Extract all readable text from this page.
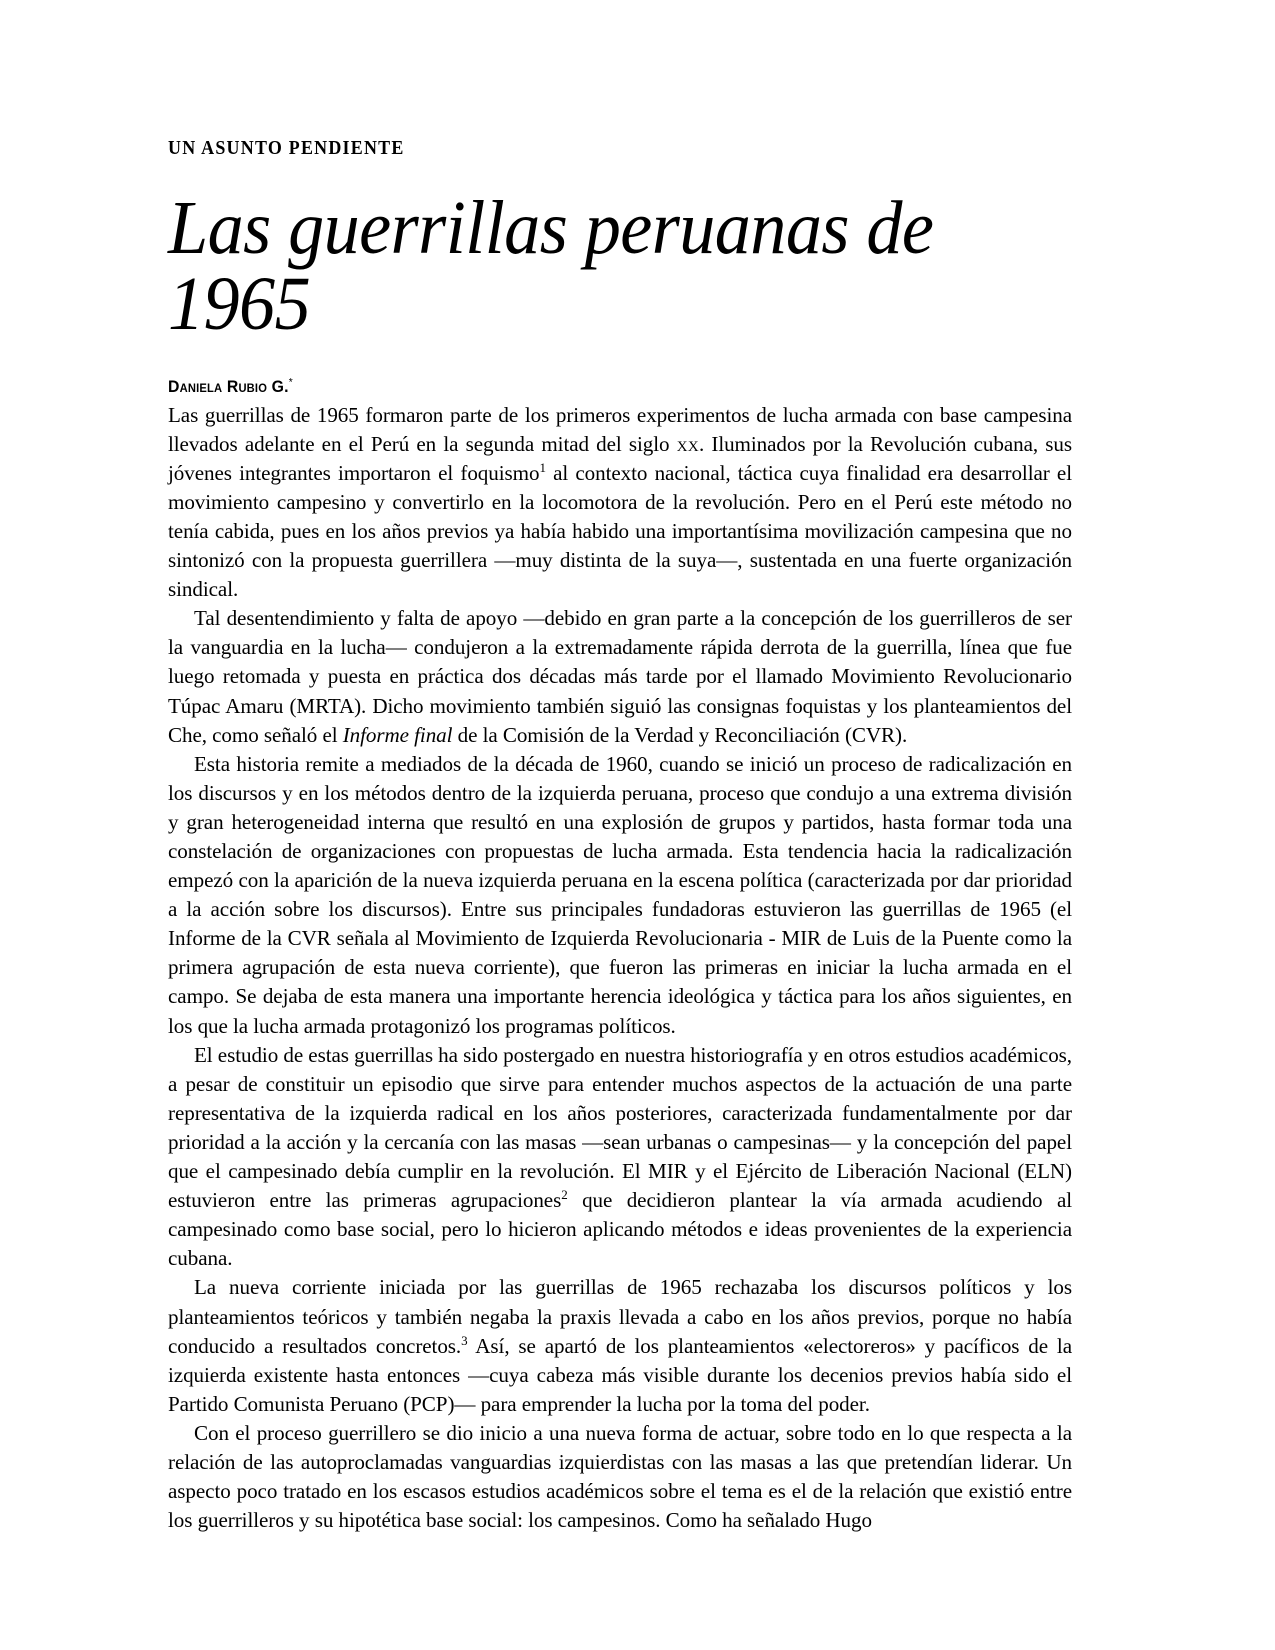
UN ASUNTO PENDIENTE
Las guerrillas peruanas de 1965
Daniela Rubio G.*

Las guerrillas de 1965 formaron parte de los primeros experimentos de lucha armada con base campesina llevados adelante en el Perú en la segunda mitad del siglo xx. Iluminados por la Revolución cubana, sus jóvenes integrantes importaron el foquismo$^1$ al contexto nacional, táctica cuya finalidad era desarrollar el movimiento campesino y convertirlo en la locomotora de la revolución. Pero en el Perú este método no tenía cabida, pues en los años previos ya había habido una importantísima movilización campesina que no sintonizó con la propuesta guerrillera —muy distinta de la suya—, sustentada en una fuerte organización sindical.

Tal desentendimiento y falta de apoyo —debido en gran parte a la concepción de los guerrilleros de ser la vanguardia en la lucha— condujeron a la extremadamente rápida derrota de la guerrilla, línea que fue luego retomada y puesta en práctica dos décadas más tarde por el llamado Movimiento Revolucionario Túpac Amaru (MRTA). Dicho movimiento también siguió las consignas foquistas y los planteamientos del Che, como señaló el Informe final de la Comisión de la Verdad y Reconciliación (CVR).

Esta historia remite a mediados de la década de 1960, cuando se inició un proceso de radicalización en los discursos y en los métodos dentro de la izquierda peruana, proceso que condujo a una extrema división y gran heterogeneidad interna que resultó en una explosión de grupos y partidos, hasta formar toda una constelación de organizaciones con propuestas de lucha armada. Esta tendencia hacia la radicalización empezó con la aparición de la nueva izquierda peruana en la escena política (caracterizada por dar prioridad a la acción sobre los discursos). Entre sus principales fundadoras estuvieron las guerrillas de 1965 (el Informe de la CVR señala al Movimiento de Izquierda Revolucionaria - MIR de Luis de la Puente como la primera agrupación de esta nueva corriente), que fueron las primeras en iniciar la lucha armada en el campo. Se dejaba de esta manera una importante herencia ideológica y táctica para los años siguientes, en los que la lucha armada protagonizó los programas políticos.

El estudio de estas guerrillas ha sido postergado en nuestra historiografía y en otros estudios académicos, a pesar de constituir un episodio que sirve para entender muchos aspectos de la actuación de una parte representativa de la izquierda radical en los años posteriores, caracterizada fundamentalmente por dar prioridad a la acción y la cercanía con las masas —sean urbanas o campesinas— y la concepción del papel que el campesinado debía cumplir en la revolución. El MIR y el Ejército de Liberación Nacional (ELN) estuvieron entre las primeras agrupaciones$^2$ que decidieron plantear la vía armada acudiendo al campesinado como base social, pero lo hicieron aplicando métodos e ideas provenientes de la experiencia cubana.

La nueva corriente iniciada por las guerrillas de 1965 rechazaba los discursos políticos y los planteamientos teóricos y también negaba la praxis llevada a cabo en los años previos, porque no había conducido a resultados concretos.$^3$ Así, se apartó de los planteamientos «electoreros» y pacíficos de la izquierda existente hasta entonces —cuya cabeza más visible durante los decenios previos había sido el Partido Comunista Peruano (PCP)— para emprender la lucha por la toma del poder.

Con el proceso guerrillero se dio inicio a una nueva forma de actuar, sobre todo en lo que respecta a la relación de las autoproclamadas vanguardias izquierdistas con las masas a las que pretendían liderar. Un aspecto poco tratado en los escasos estudios académicos sobre el tema es el de la relación que existió entre los guerrilleros y su hipotética base social: los campesinos. Como ha señalado Hugo
